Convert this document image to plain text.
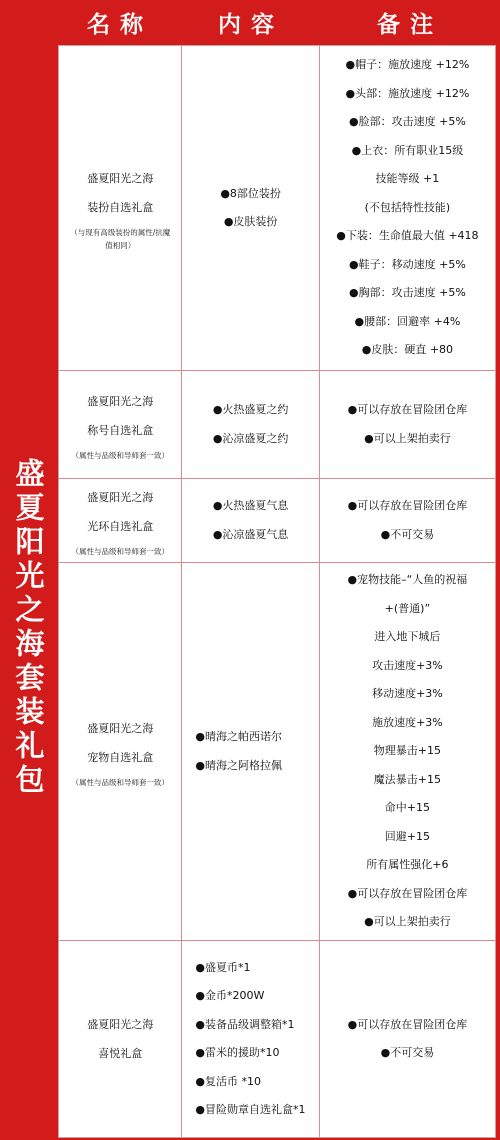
名称	内容	备注
盛夏阳光之海套装礼包
盛夏阳光之海
装扮自选礼盒
（与现有高级装扮的属性/抗魔值相同）
●8部位装扮
●皮肤装扮
●帽子：施放速度 +12%
●头部：施放速度 +12%
●脸部：攻击速度 +5%
●上衣：所有职业15级
技能等级 +1
(不包括特性技能)
●下装：生命值最大值 +418
●鞋子：移动速度 +5%
●胸部：攻击速度 +5%
●腰部：回避率 +4%
●皮肤：硬直 +80
盛夏阳光之海
称号自选礼盒
（属性与品级和导师套一致）
●火热盛夏之约
●沁凉盛夏之约
●可以存放在冒险团仓库
●可以上架拍卖行
盛夏阳光之海
光环自选礼盒
（属性与品级和导师套一致）
●火热盛夏气息
●沁凉盛夏气息
●可以存放在冒险团仓库
●不可交易
盛夏阳光之海
宠物自选礼盒
（属性与品级和导师套一致）
●晴海之帕西诺尔
●晴海之阿格拉佩
●宠物技能–“人鱼的祝福
+(普通)”
进入地下城后
攻击速度+3%
移动速度+3%
施放速度+3%
物理暴击+15
魔法暴击+15
命中+15
回避+15
所有属性强化+6
●可以存放在冒险团仓库
●可以上架拍卖行
盛夏阳光之海
喜悦礼盒
●盛夏币*1
●金币*200W
●装备品级调整箱*1
●雷米的援助*10
●复活币 *10
●冒险勋章自选礼盒*1
●可以存放在冒险团仓库
●不可交易
